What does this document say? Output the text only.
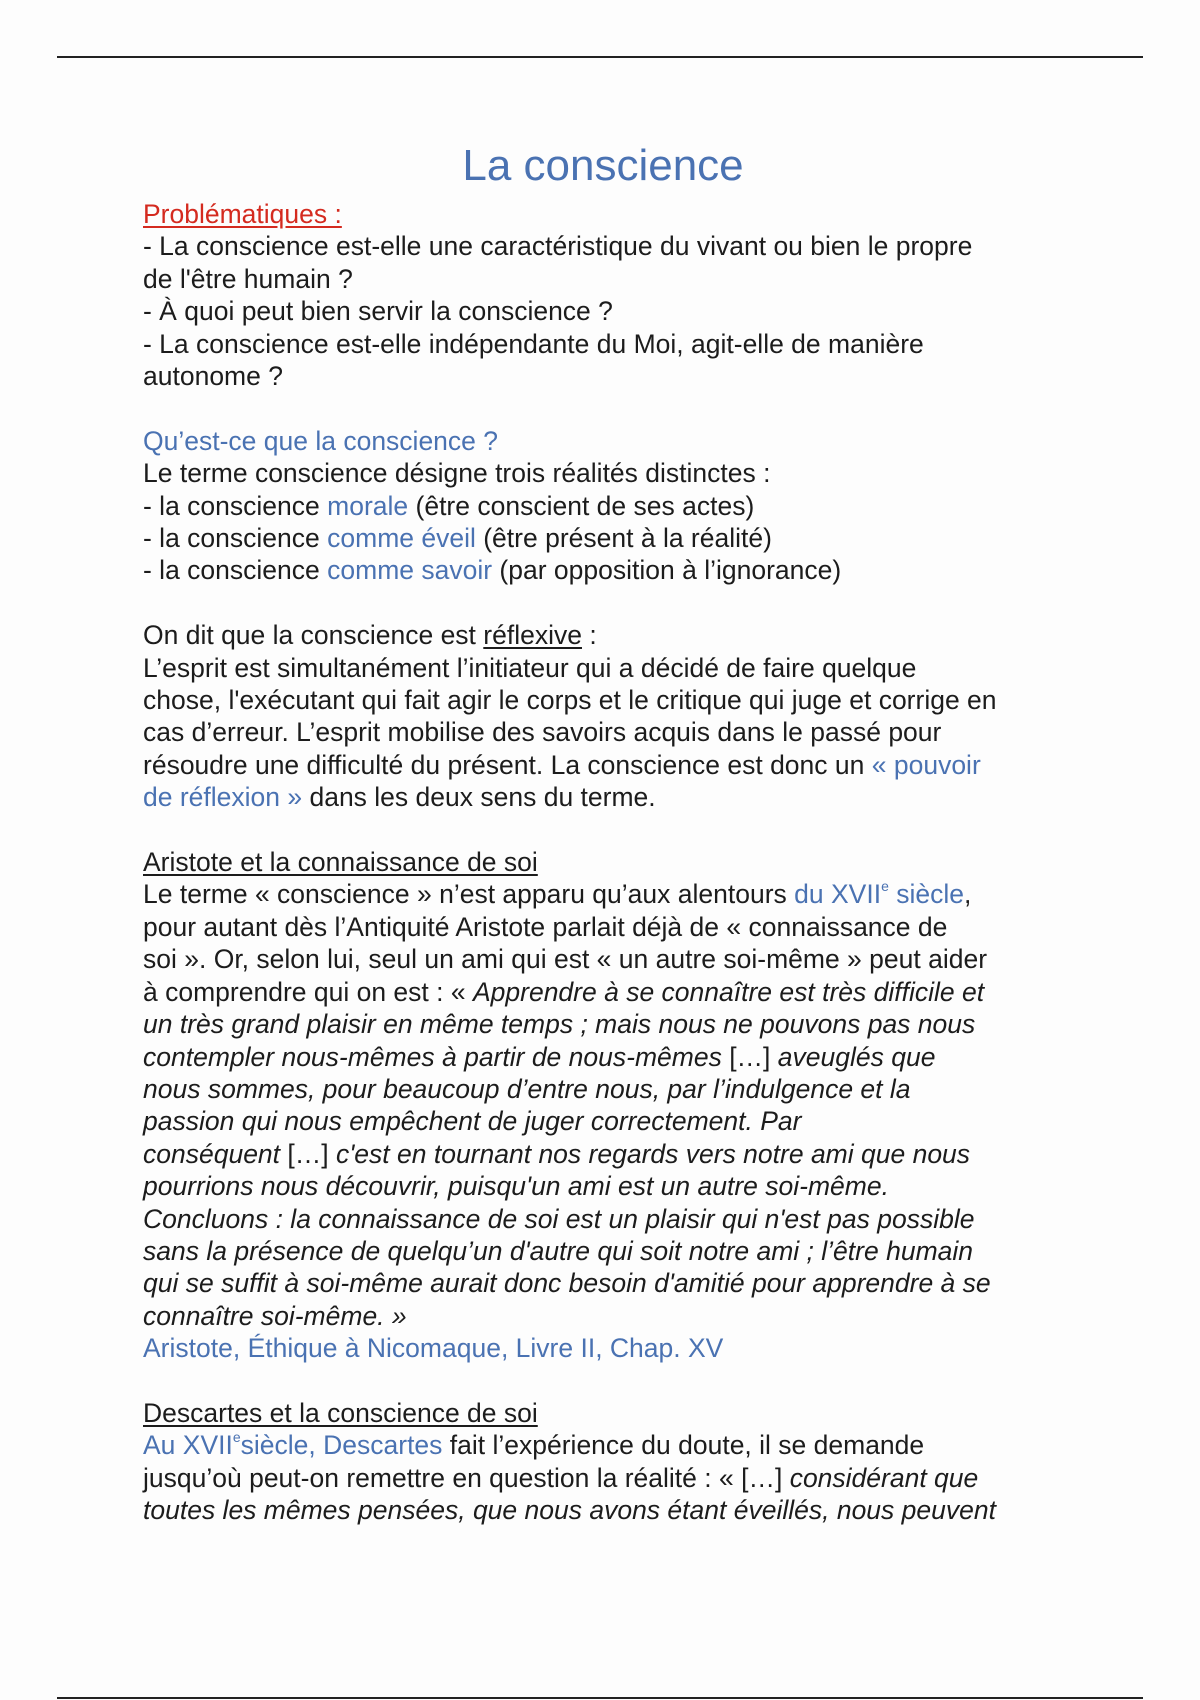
La conscience

Problématiques :

- La conscience est-elle une caractéristique du vivant ou bien le propre

de l'être humain ?

- À quoi peut bien servir la conscience ?

- La conscience est-elle indépendante du Moi, agit-elle de manière

autonome ?

Qu’est-ce que la conscience ?

Le terme conscience désigne trois réalités distinctes :

- la conscience morale (être conscient de ses actes)

- la conscience comme éveil (être présent à la réalité)

- la conscience comme savoir (par opposition à l’ignorance)

On dit que la conscience est réflexive :

L’esprit est simultanément l’initiateur qui a décidé de faire quelque

chose, l'exécutant qui fait agir le corps et le critique qui juge et corrige en

cas d’erreur. L’esprit mobilise des savoirs acquis dans le passé pour

résoudre une difficulté du présent. La conscience est donc un « pouvoir

de réflexion » dans les deux sens du terme.

Aristote et la connaissance de soi

Le terme « conscience » n’est apparu qu’aux alentours du XVIIe siècle,

pour autant dès l’Antiquité Aristote parlait déjà de « connaissance de

soi ». Or, selon lui, seul un ami qui est « un autre soi-même » peut aider

à comprendre qui on est : « Apprendre à se connaître est très difficile et

un très grand plaisir en même temps ; mais nous ne pouvons pas nous

contempler nous-mêmes à partir de nous-mêmes […] aveuglés que

nous sommes, pour beaucoup d’entre nous, par l’indulgence et la

passion qui nous empêchent de juger correctement. Par

conséquent […] c'est en tournant nos regards vers notre ami que nous

pourrions nous découvrir, puisqu'un ami est un autre soi-même.

Concluons : la connaissance de soi est un plaisir qui n'est pas possible

sans la présence de quelqu’un d'autre qui soit notre ami ; l’être humain

qui se suffit à soi-même aurait donc besoin d'amitié pour apprendre à se

connaître soi-même. »

Aristote, Éthique à Nicomaque, Livre II, Chap. XV

Descartes et la conscience de soi

Au XVIIesiècle, Descartes fait l’expérience du doute, il se demande

jusqu’où peut-on remettre en question la réalité : « […] considérant que

toutes les mêmes pensées, que nous avons étant éveillés, nous peuvent
